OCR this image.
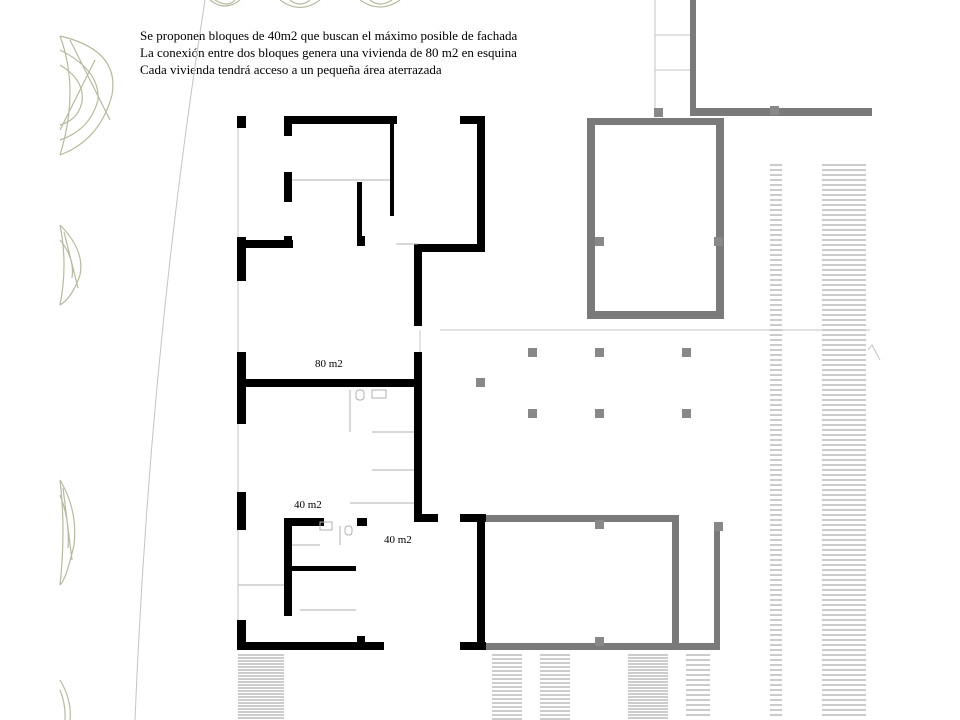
Se proponen bloques de 40m2 que buscan el máximo posible de fachada
La conexión entre dos bloques genera una vivienda de 80 m2 en esquina
Cada vivienda tendrá acceso a un pequeña área aterrazada
80 m2
40 m2
40 m2
